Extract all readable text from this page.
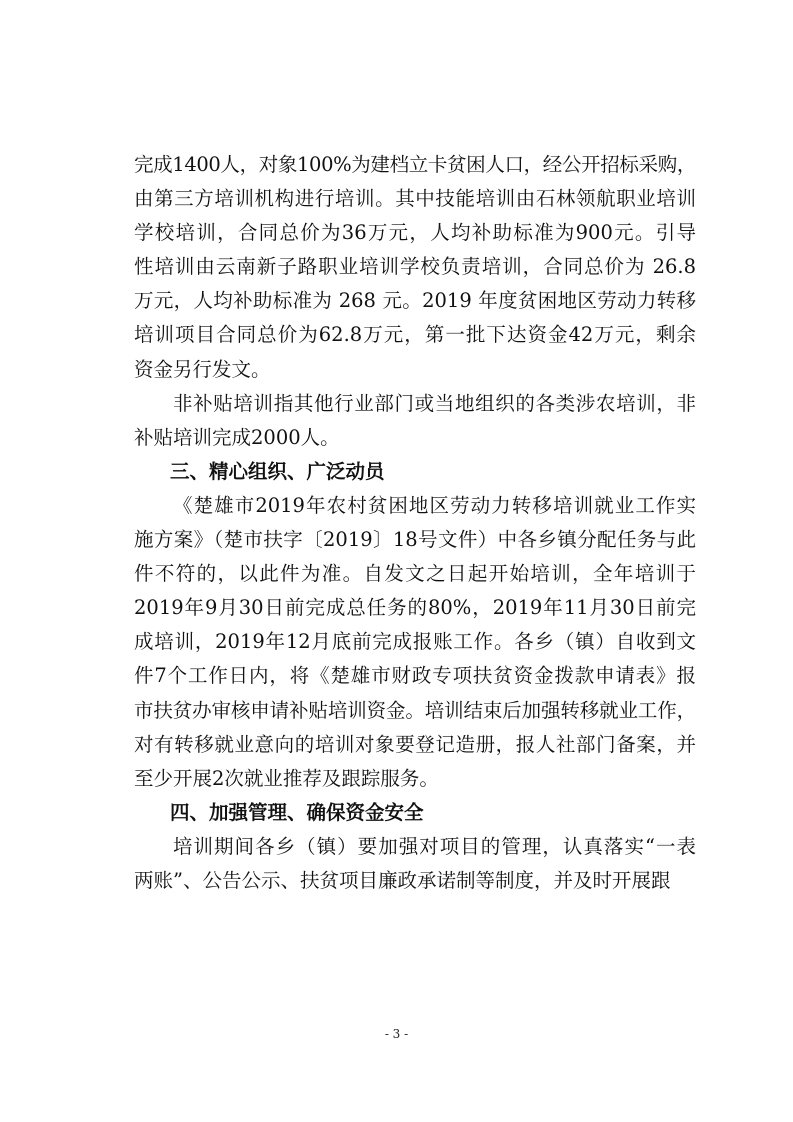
完成1400人，对象100%为建档立卡贫困人口，经公开招标采购，
由第三方培训机构进行培训。其中技能培训由石林领航职业培训
学校培训，合同总价为36万元，人均补助标准为900元。引导
性培训由云南新子路职业培训学校负责培训，合同总价为 26.8
万元，人均补助标准为 268 元。2019 年度贫困地区劳动力转移
培训项目合同总价为62.8万元，第一批下达资金42万元，剩余
资金另行发文。
非补贴培训指其他行业部门或当地组织的各类涉农培训，非
补贴培训完成2000人。
三、精心组织、广泛动员
《楚雄市2019年农村贫困地区劳动力转移培训就业工作实
施方案》（楚市扶字〔2019〕18号文件）中各乡镇分配任务与此
件不符的，以此件为准。自发文之日起开始培训，全年培训于
2019年9月30日前完成总任务的80%，2019年11月30日前完
成培训，2019年12月底前完成报账工作。各乡（镇）自收到文
件7个工作日内，将《楚雄市财政专项扶贫资金拨款申请表》报
市扶贫办审核申请补贴培训资金。培训结束后加强转移就业工作，
对有转移就业意向的培训对象要登记造册，报人社部门备案，并
至少开展2次就业推荐及跟踪服务。
四、加强管理、确保资金安全
培训期间各乡（镇）要加强对项目的管理，认真落实“一表
两账”、公告公示、扶贫项目廉政承诺制等制度，并及时开展跟
- 3 -
